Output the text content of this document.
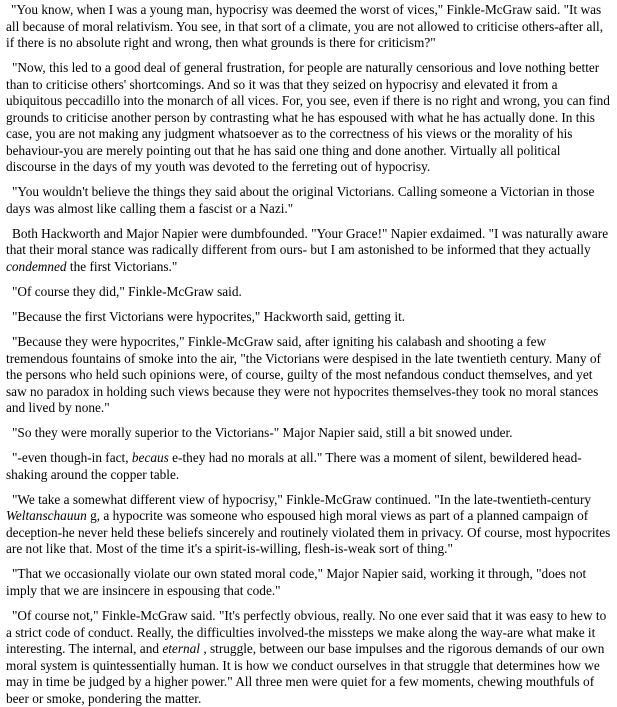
"You know, when I was a young man, hypocrisy was deemed the worst of vices," Finkle-McGraw said. "It was all because of moral relativism. You see, in that sort of a climate, you are not allowed to criticise others-after all, if there is no absolute right and wrong, then what grounds is there for criticism?"

"Now, this led to a good deal of general frustration, for people are naturally censorious and love nothing better than to criticise others' shortcomings. And so it was that they seized on hypocrisy and elevated it from a ubiquitous peccadillo into the monarch of all vices. For, you see, even if there is no right and wrong, you can find grounds to criticise another person by contrasting what he has espoused with what he has actually done. In this case, you are not making any judgment whatsoever as to the correctness of his views or the morality of his behaviour-you are merely pointing out that he has said one thing and done another. Virtually all political discourse in the days of my youth was devoted to the ferreting out of hypocrisy.

"You wouldn't believe the things they said about the original Victorians. Calling someone a Victorian in those days was almost like calling them a fascist or a Nazi."

Both Hackworth and Major Napier were dumbfounded. "Your Grace!" Napier exdaimed. "I was naturally aware that their moral stance was radically different from ours- but I am astonished to be informed that they actually condemned the first Victorians."

"Of course they did," Finkle-McGraw said.

"Because the first Victorians were hypocrites," Hackworth said, getting it.

"Because they were hypocrites," Finkle-McGraw said, after igniting his calabash and shooting a few tremendous fountains of smoke into the air, "the Victorians were despised in the late twentieth century. Many of the persons who held such opinions were, of course, guilty of the most nefandous conduct themselves, and yet saw no paradox in holding such views because they were not hypocrites themselves-they took no moral stances and lived by none."

"So they were morally superior to the Victorians-" Major Napier said, still a bit snowed under.

"-even though-in fact, becaus e-they had no morals at all." There was a moment of silent, bewildered head-shaking around the copper table.

"We take a somewhat different view of hypocrisy," Finkle-McGraw continued. "In the late-twentieth-century Weltanschauun g, a hypocrite was someone who espoused high moral views as part of a planned campaign of deception-he never held these beliefs sincerely and routinely violated them in privacy. Of course, most hypocrites are not like that. Most of the time it's a spirit-is-willing, flesh-is-weak sort of thing."

"That we occasionally violate our own stated moral code," Major Napier said, working it through, "does not imply that we are insincere in espousing that code."

"Of course not," Finkle-McGraw said. "It's perfectly obvious, really. No one ever said that it was easy to hew to a strict code of conduct. Really, the difficulties involved-the missteps we make along the way-are what make it interesting. The internal, and eternal , struggle, between our base impulses and the rigorous demands of our own moral system is quintessentially human. It is how we conduct ourselves in that struggle that determines how we may in time be judged by a higher power." All three men were quiet for a few moments, chewing mouthfuls of beer or smoke, pondering the matter.
